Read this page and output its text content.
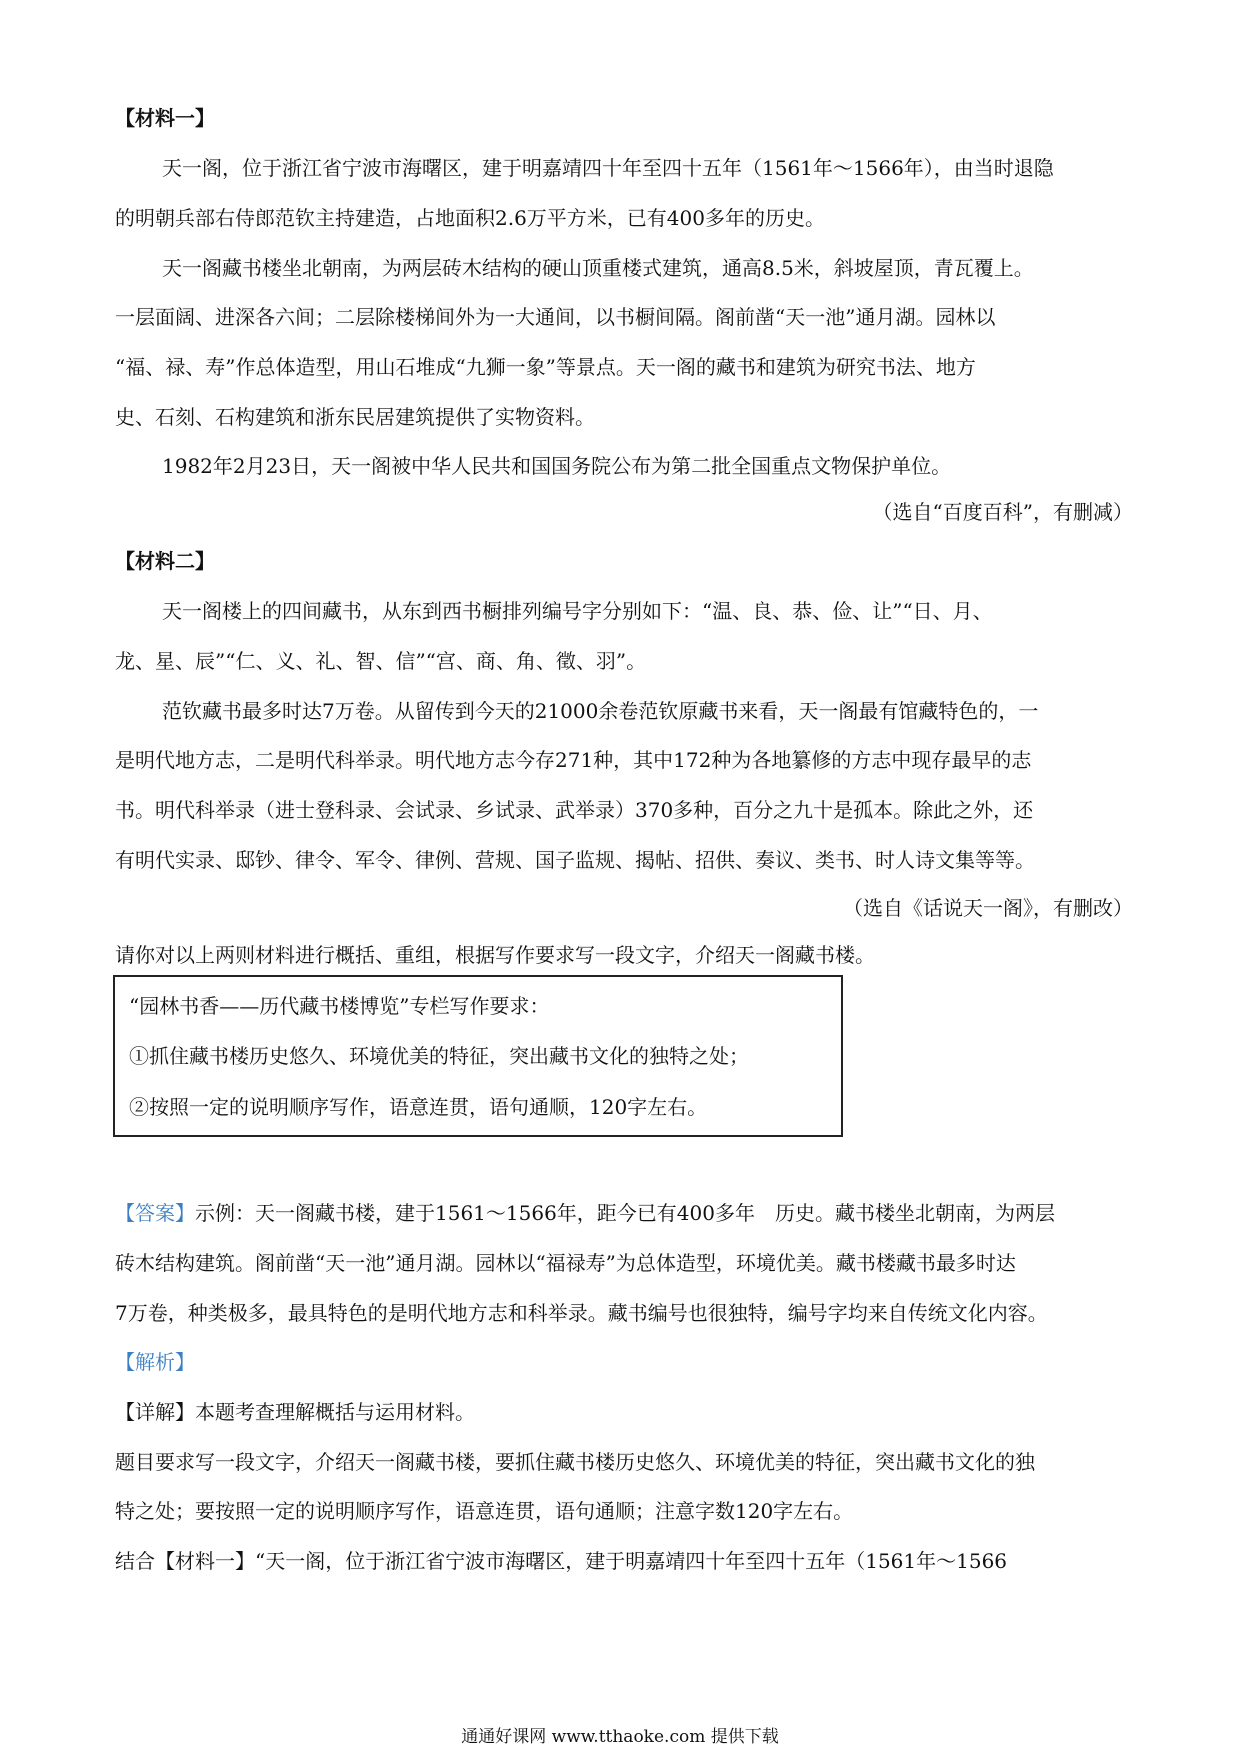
【材料一】
天一阁，位于浙江省宁波市海曙区，建于明嘉靖四十年至四十五年（1561年～1566年），由当时退隐
的明朝兵部右侍郎范钦主持建造，占地面积2.6万平方米，已有400多年的历史。
天一阁藏书楼坐北朝南，为两层砖木结构的硬山顶重楼式建筑，通高8.5米，斜坡屋顶，青瓦覆上。
一层面阔、进深各六间；二层除楼梯间外为一大通间，以书橱间隔。阁前凿“天一池”通月湖。园林以
“福、禄、寿”作总体造型，用山石堆成“九狮一象”等景点。天一阁的藏书和建筑为研究书法、地方
史、石刻、石构建筑和浙东民居建筑提供了实物资料。
1982年2月23日，天一阁被中华人民共和国国务院公布为第二批全国重点文物保护单位。
（选自“百度百科”，有删减）
【材料二】
天一阁楼上的四间藏书，从东到西书橱排列编号字分别如下：“温、良、恭、俭、让”“日、月、
龙、星、辰”“仁、义、礼、智、信”“宫、商、角、徵、羽”。
范钦藏书最多时达7万卷。从留传到今天的21000余卷范钦原藏书来看，天一阁最有馆藏特色的，一
是明代地方志，二是明代科举录。明代地方志今存271种，其中172种为各地纂修的方志中现存最早的志
书。明代科举录（进士登科录、会试录、乡试录、武举录）370多种，百分之九十是孤本。除此之外，还
有明代实录、邸钞、律令、军令、律例、营规、国子监规、揭帖、招供、奏议、类书、时人诗文集等等。
（选自《话说天一阁》，有删改）
请你对以上两则材料进行概括、重组，根据写作要求写一段文字，介绍天一阁藏书楼。
“园林书香——历代藏书楼博览”专栏写作要求：
①抓住藏书楼历史悠久、环境优美的特征，突出藏书文化的独特之处；
②按照一定的说明顺序写作，语意连贯，语句通顺，120字左右。
【答案】示例：天一阁藏书楼，建于1561～1566年，距今已有400多年　历史。藏书楼坐北朝南，为两层
砖木结构建筑。阁前凿“天一池”通月湖。园林以“福禄寿”为总体造型，环境优美。藏书楼藏书最多时达
7万卷，种类极多，最具特色的是明代地方志和科举录。藏书编号也很独特，编号字均来自传统文化内容。
【解析】
【详解】本题考查理解概括与运用材料。
题目要求写一段文字，介绍天一阁藏书楼，要抓住藏书楼历史悠久、环境优美的特征，突出藏书文化的独
特之处；要按照一定的说明顺序写作，语意连贯，语句通顺；注意字数120字左右。
结合【材料一】“天一阁，位于浙江省宁波市海曙区，建于明嘉靖四十年至四十五年（1561年～1566
通通好课网 www.tthaoke.com 提供下载
